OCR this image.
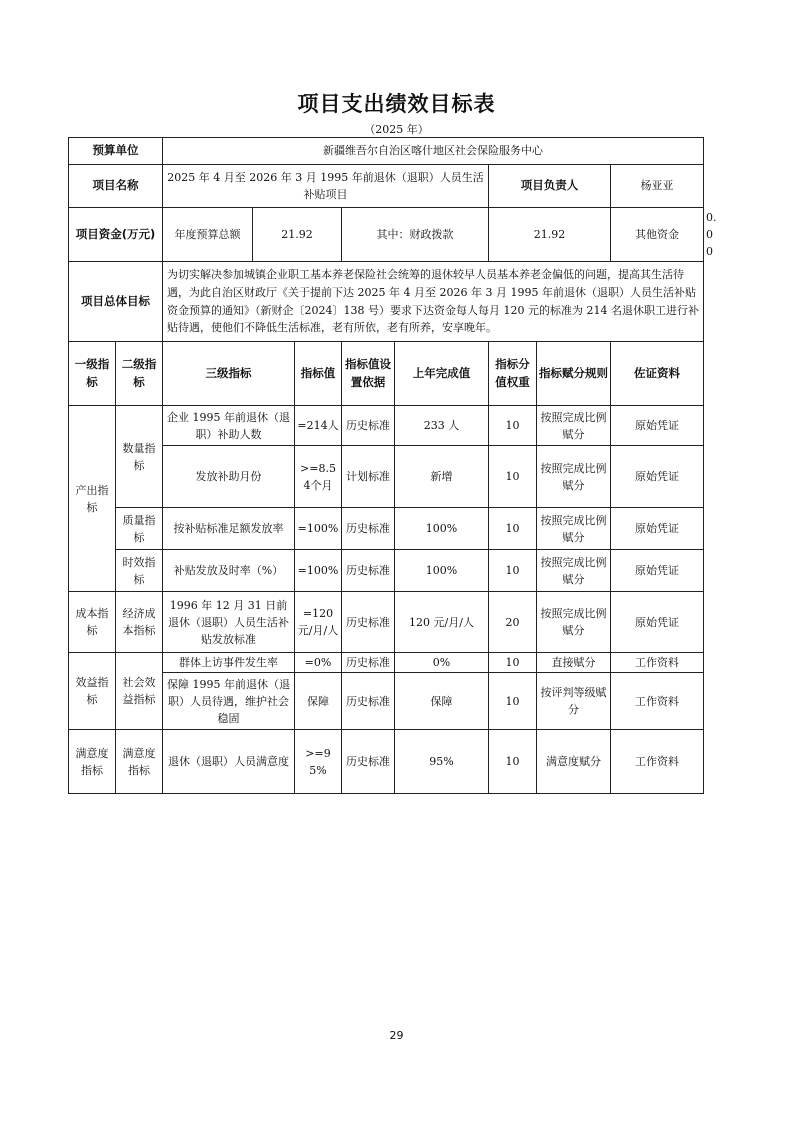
项目支出绩效目标表
（2025 年）
预算单位		新疆维吾尔自治区喀什地区社会保险服务中心								
项目名称		2025 年 4 月至 2026 年 3 月 1995 年前退休（退职）人员生活补贴项目					项目负责人		杨亚亚	
项目资金(万元)		年度预算总额	21.92		其中：财政拨款		21.92		其他资金	0.00
项目总体目标		为切实解决参加城镇企业职工基本养老保险社会统筹的退休较早人员基本养老金偏低的问题，提高其生活待遇，为此自治区财政厅《关于提前下达 2025 年 4 月至 2026 年 3 月 1995 年前退休（退职）人员生活补贴资金预算的通知》（新财企〔2024〕138 号）要求下达资金每人每月 120 元的标准为 214 名退休职工进行补贴待遇，使他们不降低生活标准，老有所依，老有所养，安享晚年。								
一级指标	二级指标	三级指标		指标值	指标值设置依据	上年完成值	指标分值权重	指标赋分规则	佐证资料	
产出指标	数量指标	企业 1995 年前退休（退职）补助人数		=214人	历史标准	233 人	10	按照完成比例赋分	原始凭证	
		发放补助月份		>=8.54个月	计划标准	新增	10	按照完成比例赋分	原始凭证	
	质量指标	按补贴标准足额发放率		=100%	历史标准	100%	10	按照完成比例赋分	原始凭证	
	时效指标	补贴发放及时率（%）		=100%	历史标准	100%	10	按照完成比例赋分	原始凭证	
成本指标	经济成本指标	1996 年 12 月 31 日前退休（退职）人员生活补贴发放标准		=120元/月/人	历史标准	120 元/月/人	20	按照完成比例赋分	原始凭证	
效益指标	社会效益指标	群体上访事件发生率		=0%	历史标准	0%	10	直接赋分	工作资料	
		保障 1995 年前退休（退职）人员待遇，维护社会稳固		保障	历史标准	保障	10	按评判等级赋分	工作资料	
满意度指标	满意度指标	退休（退职）人员满意度		>=95%	历史标准	95%	10	满意度赋分	工作资料	
29
